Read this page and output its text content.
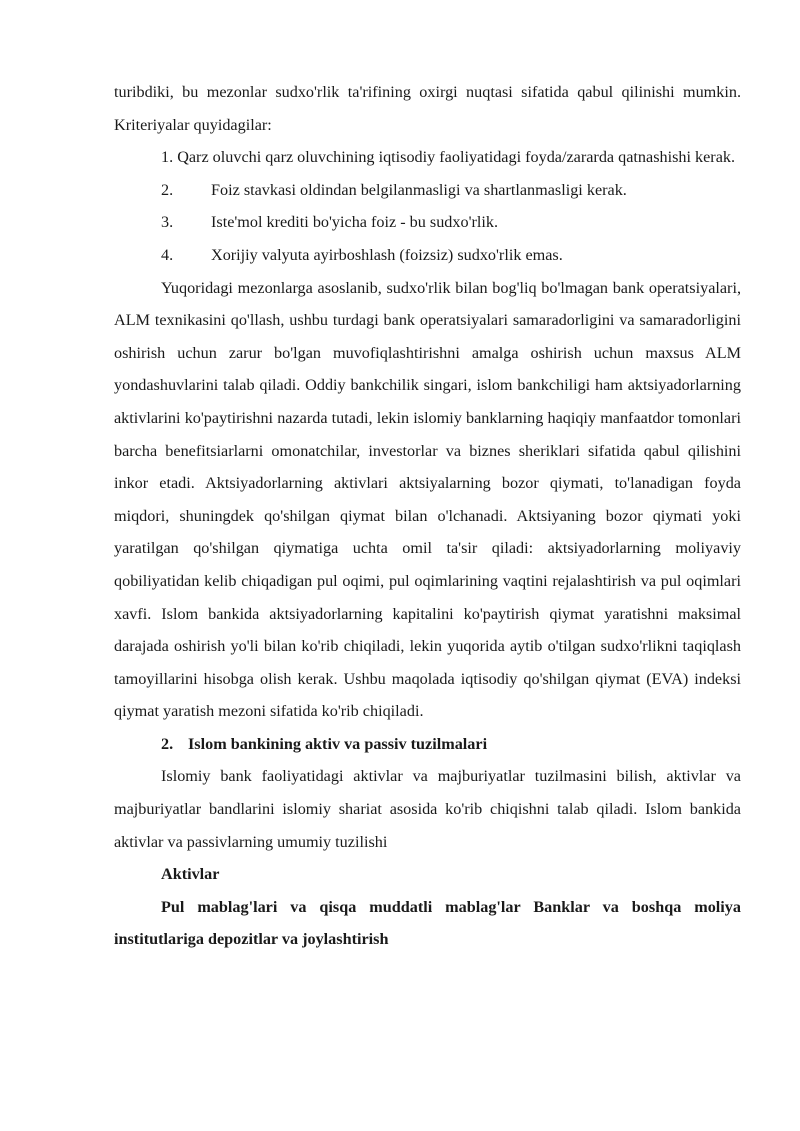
turibdiki, bu mezonlar sudxo'rlik ta'rifining oxirgi nuqtasi sifatida qabul qilinishi mumkin. Kriteriyalar quyidagilar:

1. Qarz oluvchi qarz oluvchining iqtisodiy faoliyatidagi foyda/zararda qatnashishi kerak.

2.	Foiz stavkasi oldindan belgilanmasligi va shartlanmasligi kerak.
3.	Iste'mol krediti bo'yicha foiz - bu sudxo'rlik.
4.	Xorijiy valyuta ayirboshlash (foizsiz) sudxo'rlik emas.

Yuqoridagi mezonlarga asoslanib, sudxo'rlik bilan bog'liq bo'lmagan bank operatsiyalari, ALM texnikasini qo'llash, ushbu turdagi bank operatsiyalari samaradorligini va samaradorligini oshirish uchun zarur bo'lgan muvofiqlashtirishni amalga oshirish uchun maxsus ALM yondashuvlarini talab qiladi. Oddiy bankchilik singari, islom bankchiligi ham aktsiyadorlarning aktivlarini ko'paytirishni nazarda tutadi, lekin islomiy banklarning haqiqiy manfaatdor tomonlari barcha benefitsiarlarni omonatchilar, investorlar va biznes sheriklari sifatida qabul qilishini inkor etadi. Aktsiyadorlarning aktivlari aktsiyalarning bozor qiymati, to'lanadigan foyda miqdori, shuningdek qo'shilgan qiymat bilan o'lchanadi. Aktsiyaning bozor qiymati yoki yaratilgan qo'shilgan qiymatiga uchta omil ta'sir qiladi: aktsiyadorlarning moliyaviy qobiliyatidan kelib chiqadigan pul oqimi, pul oqimlarining vaqtini rejalashtirish va pul oqimlari xavfi. Islom bankida aktsiyadorlarning kapitalini ko'paytirish qiymat yaratishni maksimal darajada oshirish yo'li bilan ko'rib chiqiladi, lekin yuqorida aytib o'tilgan sudxo'rlikni taqiqlash tamoyillarini hisobga olish kerak. Ushbu maqolada iqtisodiy qo'shilgan qiymat (EVA) indeksi qiymat yaratish mezoni sifatida ko'rib chiqiladi.

2. Islom bankining aktiv va passiv tuzilmalari

Islomiy bank faoliyatidagi aktivlar va majburiyatlar tuzilmasini bilish, aktivlar va majburiyatlar bandlarini islomiy shariat asosida ko'rib chiqishni talab qiladi. Islom bankida aktivlar va passivlarning umumiy tuzilishi

Aktivlar

Pul mablag'lari va qisqa muddatli mablag'lar Banklar va boshqa moliya institutlariga depozitlar va joylashtirish
